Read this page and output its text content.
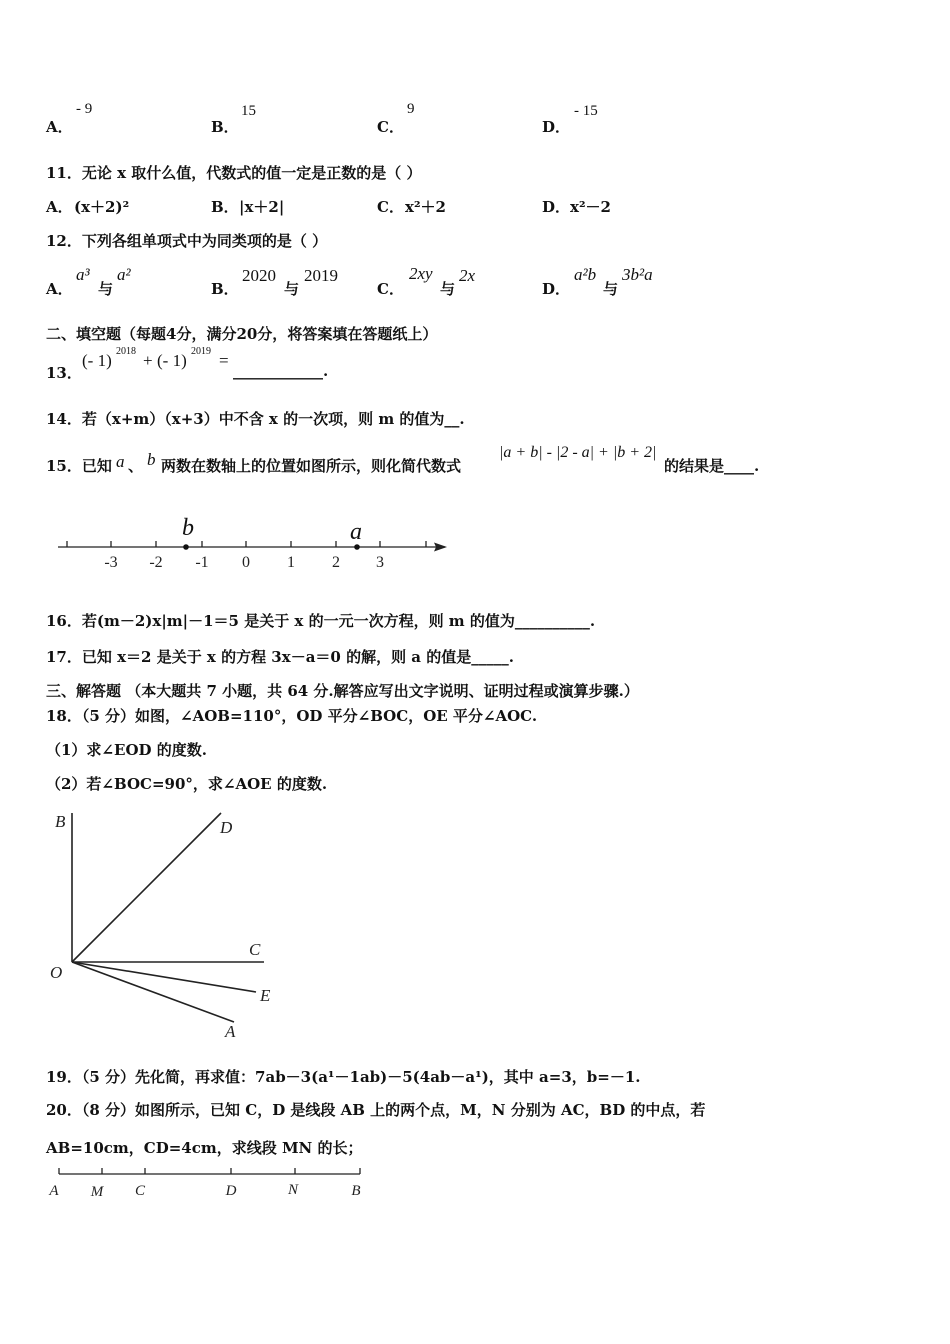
A．
- 9
B．
15
C．
9
D．
- 15
11．无论 x 取什么值，代数式的值一定是正数的是（ ）
A． (x＋2)²	B． |x＋2|	C． x²＋2	D． x²－2
12．下列各组单项式中为同类项的是（ ）
A．
a³
与
a²
B．
2020
与
2019
C．
2xy
与
2x
D．
a²b
与
3b²a
二、填空题（每题4分，满分20分，将答案填在答题纸上）
13．
(- 1) 2018 + (- 1) 2019 =
____________.
14．若（x+m）（x+3）中不含 x 的一次项，则 m 的值为__.
15．已知 a 、 b 两数在数轴上的位置如图所示，则化简代数式
|a + b| - |2 - a| + |b + 2|
的结果是____.
-3 -2 -1 0 1 2 3
b	a
16．若(m－2)x|m|－1＝5 是关于 x 的一元一次方程，则 m 的值为__________.
17．已知 x＝2 是关于 x 的方程 3x－a＝0 的解，则 a 的值是_____.
三、解答题 （本大题共 7 小题，共 64 分.解答应写出文字说明、证明过程或演算步骤.）
18．（5 分）如图，∠AOB=110°，OD 平分∠BOC，OE 平分∠AOC.
（1）求∠EOD 的度数.
（2）若∠BOC=90°，求∠AOE 的度数.
B	D
C
E
A
O
19．（5 分）先化简，再求值：7ab－3(a¹－1ab)－5(4ab－a¹)，其中 a=3，b=－1.
20．（8 分）如图所示，已知 C，D 是线段 AB 上的两个点，M，N 分别为 AC，BD 的中点，若
AB=10cm，CD=4cm，求线段 MN 的长；
A M C	D	N	B
